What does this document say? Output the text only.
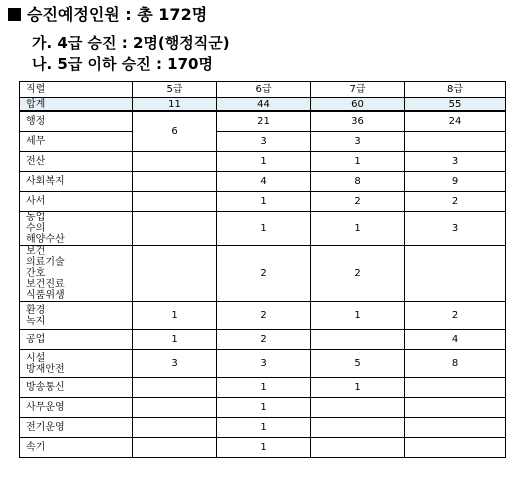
승진예정인원 : 총 172명
가. 4급 승진 : 2명(행정직군)
나. 5급 이하 승진 : 170명
직렬	5급	6급	7급	8급

합계	11	44	60	55

행정	6	21	36	24

세무		3	3	

전산		1	1	3

사회복지		4	8	9

사서		1	2	2

농업
수의
해양수산		1	1	3

보건
의료기술
간호
보건진료
식품위생		2	2	

환경
녹지	1	2	1	2

공업	1	2		4

시설
방재안전	3	3	5	8

방송통신		1	1	

사무운영		1		

전기운영		1		

속기		1		
